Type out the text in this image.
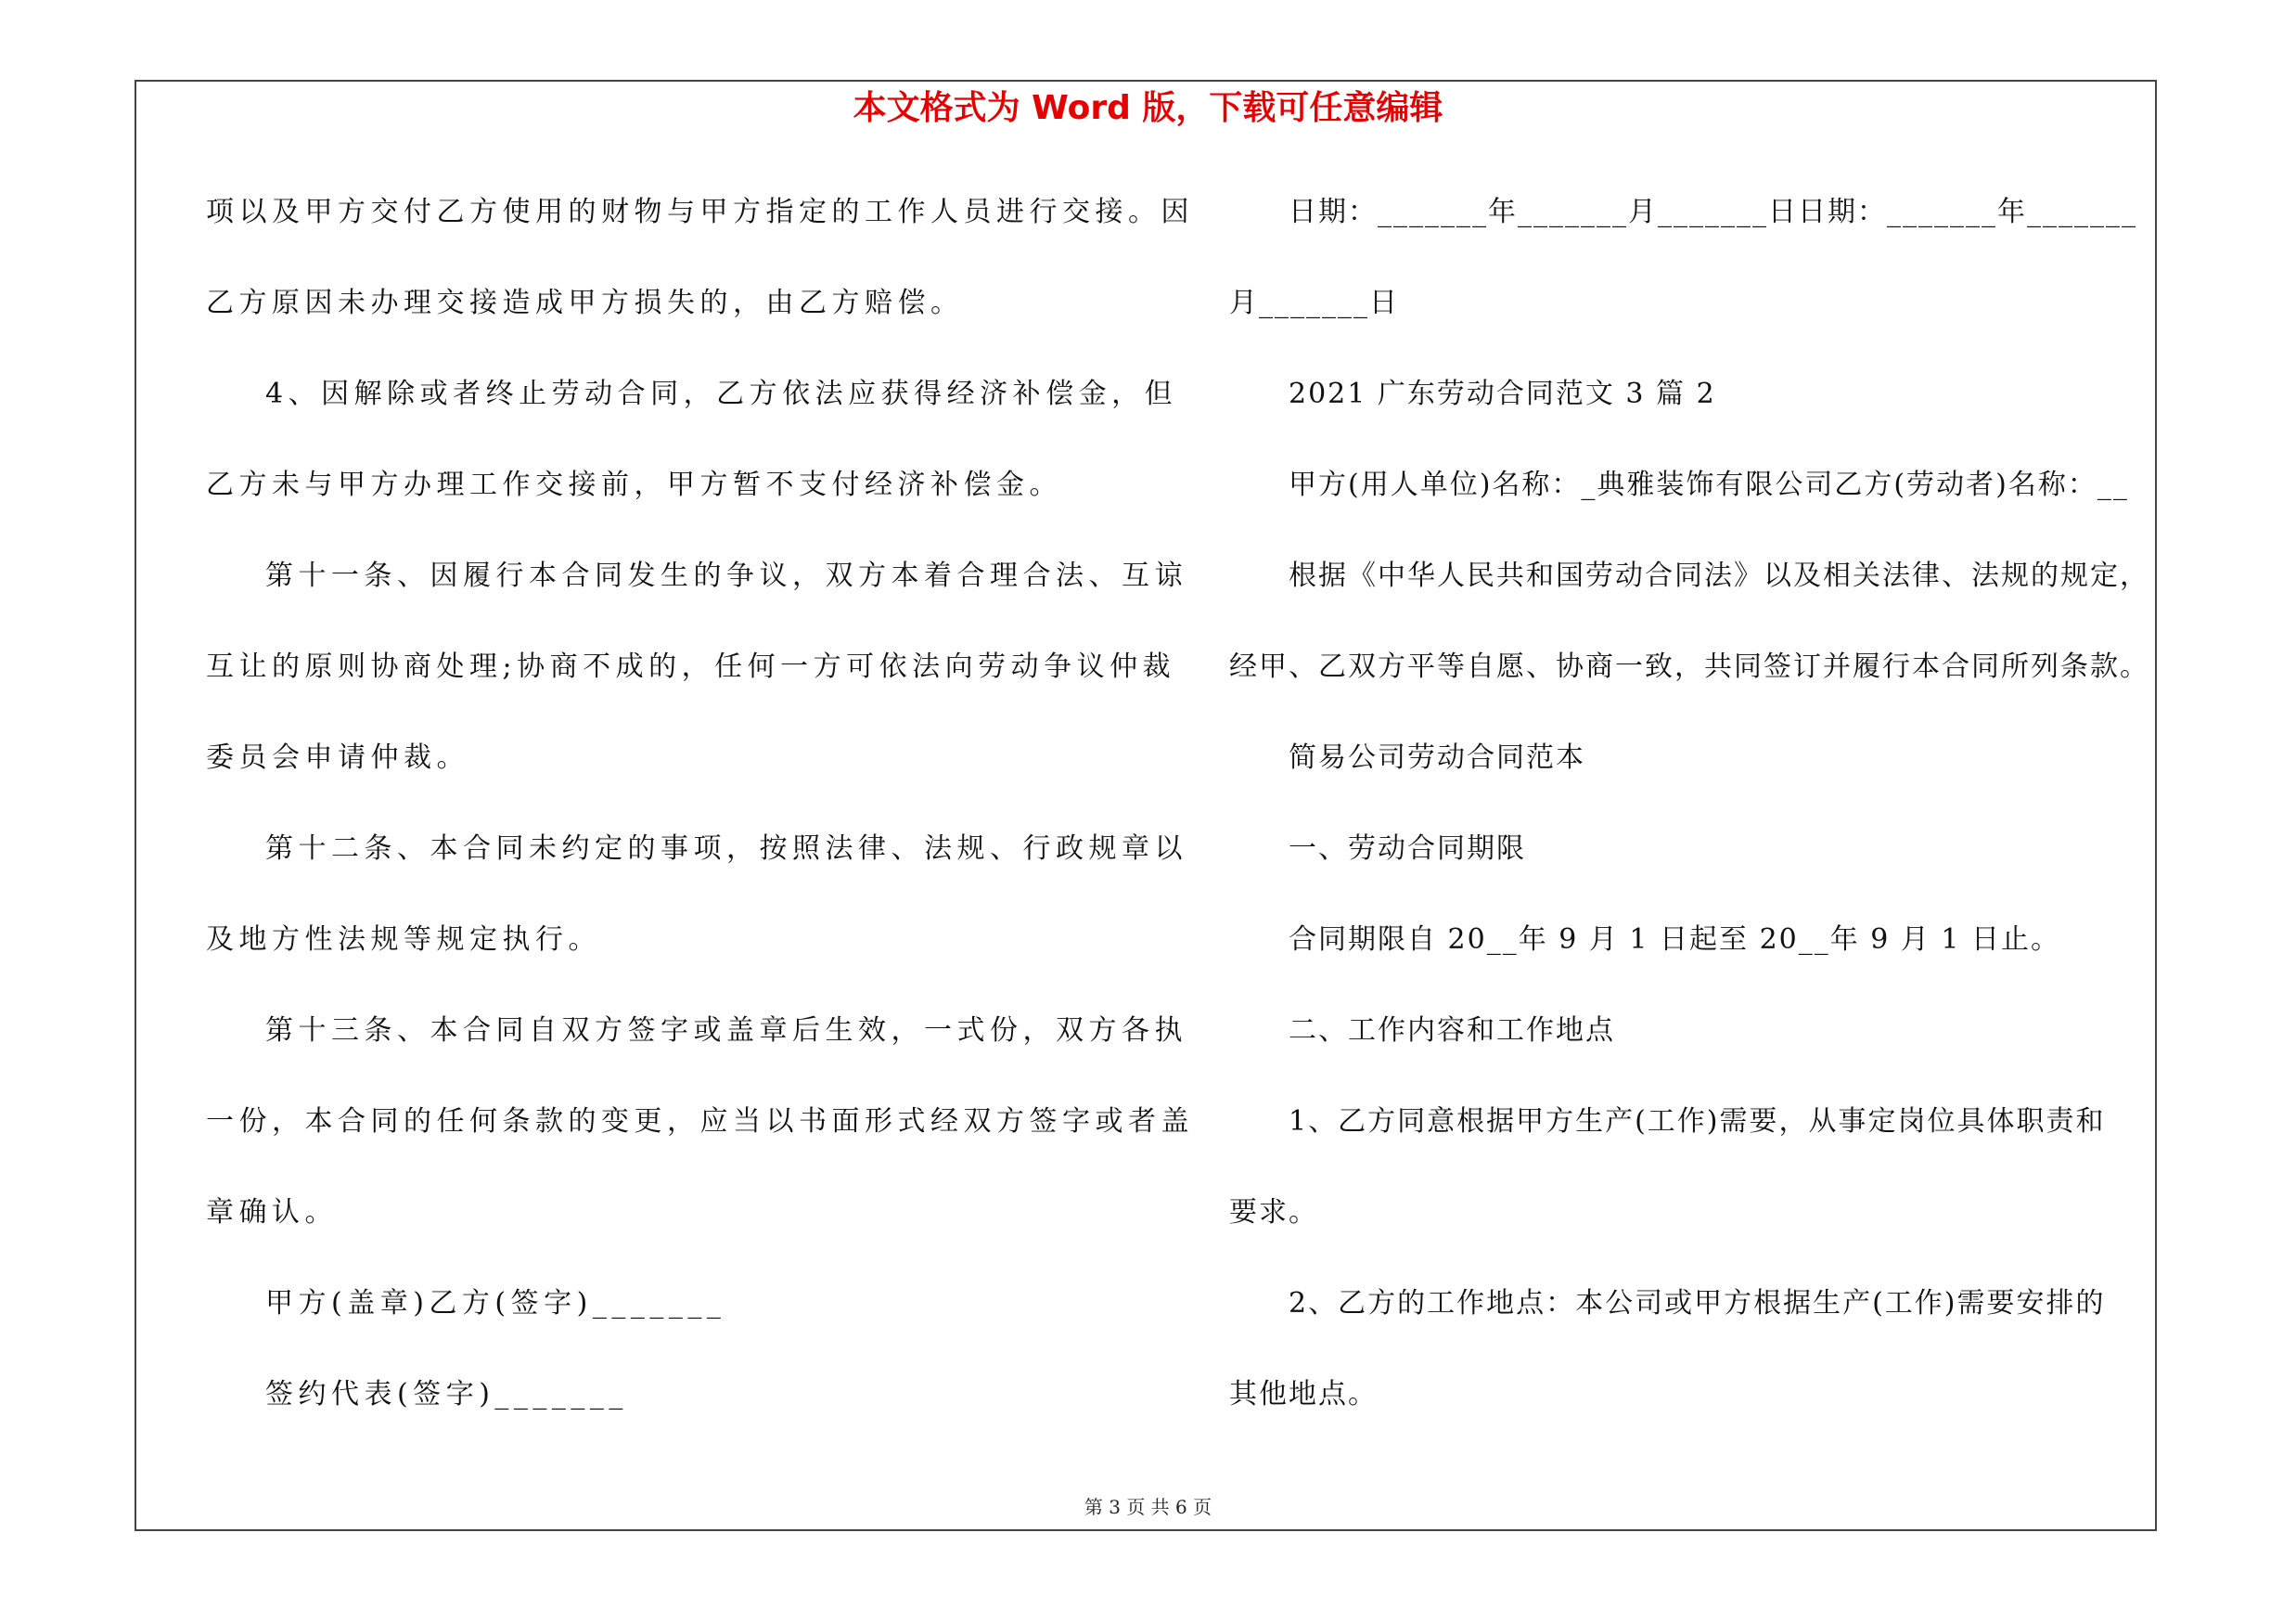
本文格式为 Word 版，下载可任意编辑
项以及甲方交付乙方使用的财物与甲方指定的工作人员进行交接。因
乙方原因未办理交接造成甲方损失的，由乙方赔偿。
4、因解除或者终止劳动合同，乙方依法应获得经济补偿金，但
乙方未与甲方办理工作交接前，甲方暂不支付经济补偿金。
第十一条、因履行本合同发生的争议，双方本着合理合法、互谅
互让的原则协商处理;协商不成的，任何一方可依法向劳动争议仲裁
委员会申请仲裁。
第十二条、本合同未约定的事项，按照法律、法规、行政规章以
及地方性法规等规定执行。
第十三条、本合同自双方签字或盖章后生效，一式份，双方各执
一份，本合同的任何条款的变更，应当以书面形式经双方签字或者盖
章确认。
甲方(盖章)乙方(签字)_______
签约代表(签字)_______
日期：_______年_______月_______日日期：_______年_______
月_______日
2021 广东劳动合同范文 3 篇 2
甲方(用人单位)名称：_典雅装饰有限公司乙方(劳动者)名称：__
根据《中华人民共和国劳动合同法》以及相关法律、法规的规定，
经甲、乙双方平等自愿、协商一致，共同签订并履行本合同所列条款。
简易公司劳动合同范本
一、劳动合同期限
合同期限自 20__年 9 月 1 日起至 20__年 9 月 1 日止。
二、工作内容和工作地点
1、乙方同意根据甲方生产(工作)需要，从事定岗位具体职责和
要求。
2、乙方的工作地点：本公司或甲方根据生产(工作)需要安排的
其他地点。
第 3 页 共 6 页
